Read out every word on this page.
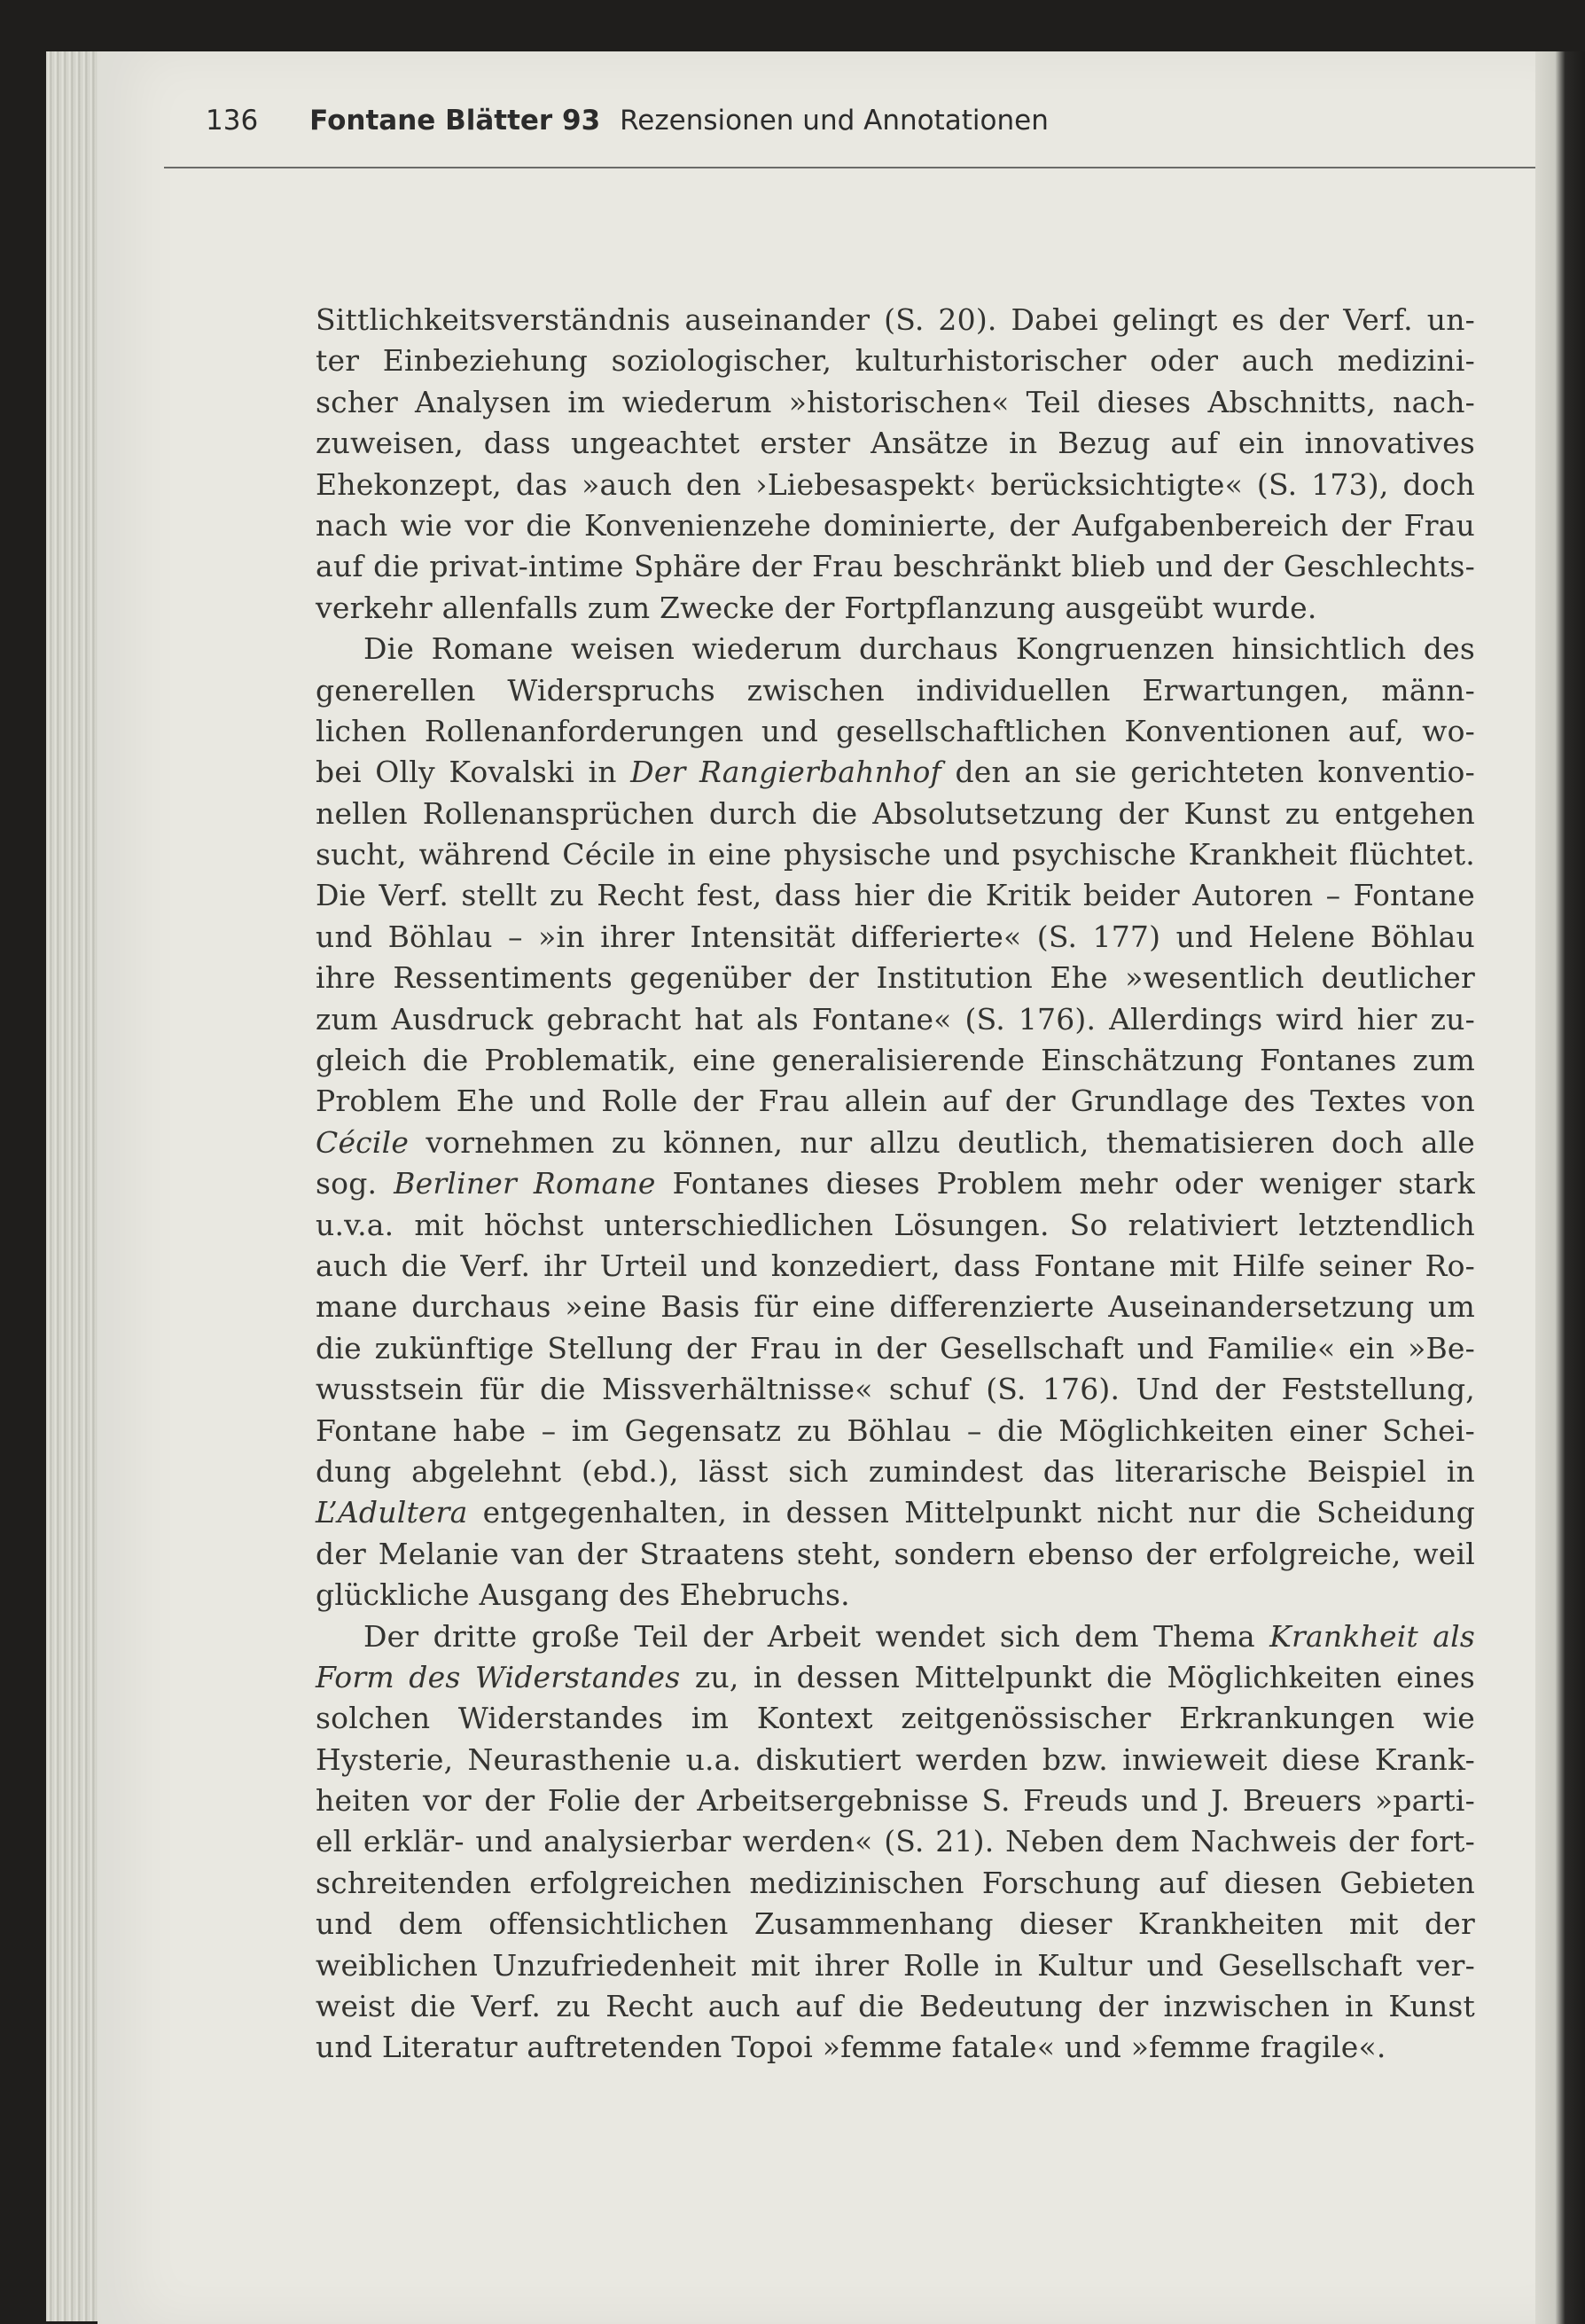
136 Fontane Blätter 93 Rezensionen und Annotationen
Sittlichkeitsverständnis auseinander (S. 20). Dabei gelingt es der Verf. un-
ter Einbeziehung soziologischer, kulturhistorischer oder auch medizini-
scher Analysen im wiederum »historischen« Teil dieses Abschnitts, nach-
zuweisen, dass ungeachtet erster Ansätze in Bezug auf ein innovatives
Ehekonzept, das »auch den ›Liebesaspekt‹ berücksichtigte« (S. 173), doch
nach wie vor die Konvenienzehe dominierte, der Aufgabenbereich der Frau
auf die privat-intime Sphäre der Frau beschränkt blieb und der Geschlechts-
verkehr allenfalls zum Zwecke der Fortpflanzung ausgeübt wurde.
Die Romane weisen wiederum durchaus Kongruenzen hinsichtlich des
generellen Widerspruchs zwischen individuellen Erwartungen, männ-
lichen Rollenanforderungen und gesellschaftlichen Konventionen auf, wo-
bei Olly Kovalski in Der Rangierbahnhof den an sie gerichteten konventio-
nellen Rollenansprüchen durch die Absolutsetzung der Kunst zu entgehen
sucht, während Cécile in eine physische und psychische Krankheit flüchtet.
Die Verf. stellt zu Recht fest, dass hier die Kritik beider Autoren – Fontane
und Böhlau – »in ihrer Intensität differierte« (S. 177) und Helene Böhlau
ihre Ressentiments gegenüber der Institution Ehe »wesentlich deutlicher
zum Ausdruck gebracht hat als Fontane« (S. 176). Allerdings wird hier zu-
gleich die Problematik, eine generalisierende Einschätzung Fontanes zum
Problem Ehe und Rolle der Frau allein auf der Grundlage des Textes von
Cécile vornehmen zu können, nur allzu deutlich, thematisieren doch alle
sog. Berliner Romane Fontanes dieses Problem mehr oder weniger stark
u.v.a. mit höchst unterschiedlichen Lösungen. So relativiert letztendlich
auch die Verf. ihr Urteil und konzediert, dass Fontane mit Hilfe seiner Ro-
mane durchaus »eine Basis für eine differenzierte Auseinandersetzung um
die zukünftige Stellung der Frau in der Gesellschaft und Familie« ein »Be-
wusstsein für die Missverhältnisse« schuf (S. 176). Und der Feststellung,
Fontane habe – im Gegensatz zu Böhlau – die Möglichkeiten einer Schei-
dung abgelehnt (ebd.), lässt sich zumindest das literarische Beispiel in
L’Adultera entgegenhalten, in dessen Mittelpunkt nicht nur die Scheidung
der Melanie van der Straatens steht, sondern ebenso der erfolgreiche, weil
glückliche Ausgang des Ehebruchs.
Der dritte große Teil der Arbeit wendet sich dem Thema Krankheit als
Form des Widerstandes zu, in dessen Mittelpunkt die Möglichkeiten eines
solchen Widerstandes im Kontext zeitgenössischer Erkrankungen wie
Hysterie, Neurasthenie u.a. diskutiert werden bzw. inwieweit diese Krank-
heiten vor der Folie der Arbeitsergebnisse S. Freuds und J. Breuers »parti-
ell erklär- und analysierbar werden« (S. 21). Neben dem Nachweis der fort-
schreitenden erfolgreichen medizinischen Forschung auf diesen Gebieten
und dem offensichtlichen Zusammenhang dieser Krankheiten mit der
weiblichen Unzufriedenheit mit ihrer Rolle in Kultur und Gesellschaft ver-
weist die Verf. zu Recht auch auf die Bedeutung der inzwischen in Kunst
und Literatur auftretenden Topoi »femme fatale« und »femme fragile«.
